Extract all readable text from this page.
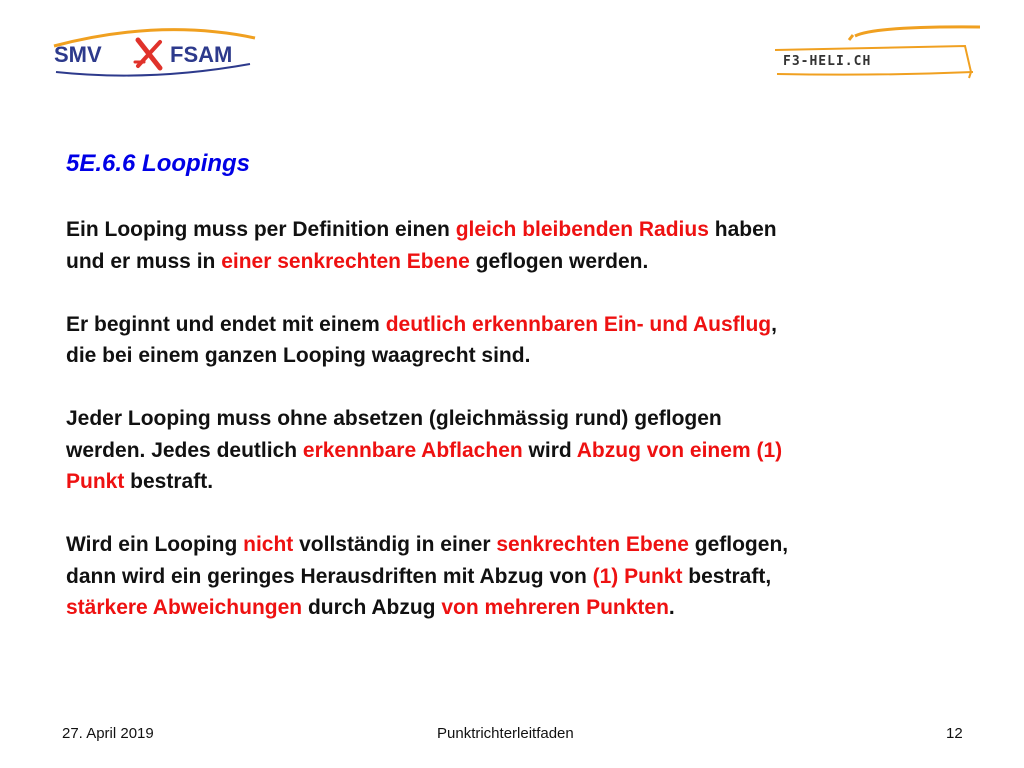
SMV	FSAM	F3-HELI.CH
5E.6.6 Loopings

Ein Looping muss per Definition einen gleich bleibenden Radius haben
und er muss in einer senkrechten Ebene geflogen werden.

Er beginnt und endet mit einem deutlich erkennbaren Ein- und Ausflug,
die bei einem ganzen Looping waagrecht sind.

Jeder Looping muss ohne absetzen (gleichmässig rund) geflogen
werden. Jedes deutlich erkennbare Abflachen wird Abzug von einem (1)
Punkt bestraft.

Wird ein Looping nicht vollständig in einer senkrechten Ebene geflogen,
dann wird ein geringes Herausdriften mit Abzug von (1) Punkt bestraft,
stärkere Abweichungen durch Abzug von mehreren Punkten.

27. April 2019	Punktrichterleitfaden	12
